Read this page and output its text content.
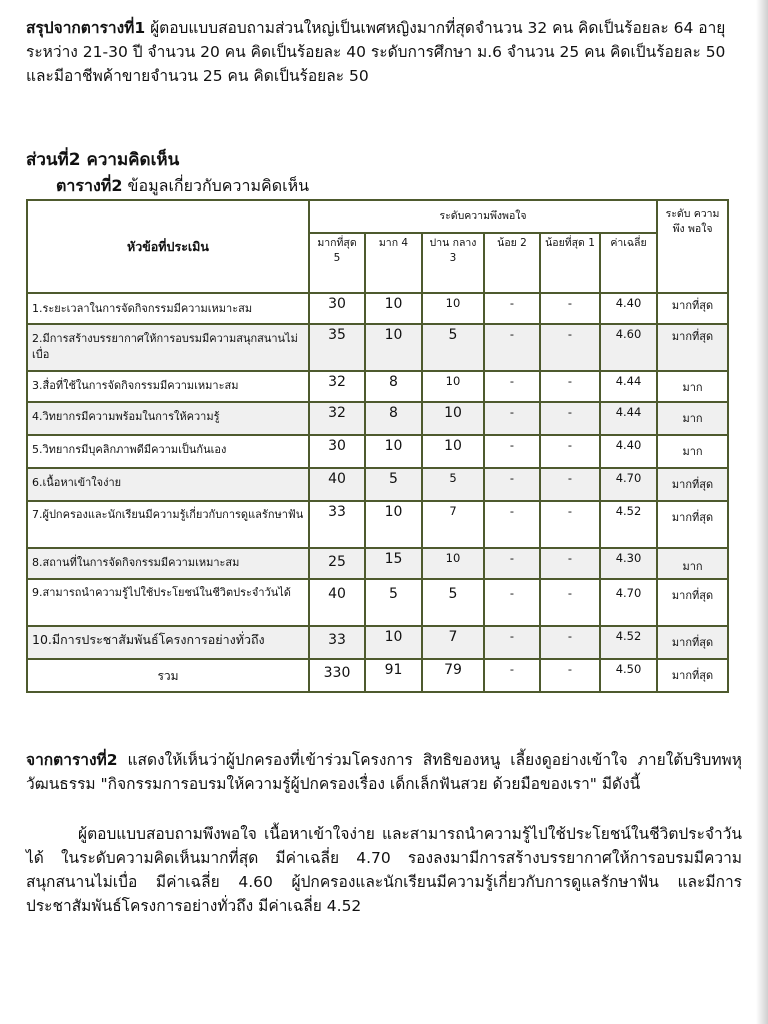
สรุปจากตารางที่1 ผู้ตอบแบบสอบถามส่วนใหญ่เป็นเพศหญิงมากที่สุดจำนวน 32 คน คิดเป็นร้อยละ 64 อายุระหว่าง 21-30 ปี จำนวน 20 คน คิดเป็นร้อยละ 40 ระดับการศึกษา ม.6 จำนวน 25 คน คิดเป็นร้อยละ 50 และมีอาชีพค้าขายจำนวน 25 คน คิดเป็นร้อยละ 50
ส่วนที่2 ความคิดเห็น
ตารางที่2 ข้อมูลเกี่ยวกับความคิดเห็น
หัวข้อที่ประเมิน	ระดับความพึงพอใจ						ระดับ ความพึง พอใจ
	มากที่สุด 5	มาก 4	ปาน กลาง 3	น้อย 2	น้อยที่สุด 1	ค่าเฉลี่ย	
1.ระยะเวลาในการจัดกิจกรรมมีความเหมาะสม	30	10	10	-	-	4.40	มากที่สุด
2.มีการสร้างบรรยากาศให้การอบรมมีความสนุกสนานไม่เบื่อ	35	10	5	-	-	4.60	มากที่สุด
3.สื่อที่ใช้ในการจัดกิจกรรมมีความเหมาะสม	32	8	10	-	-	4.44	มาก
4.วิทยากรมีความพร้อมในการให้ความรู้	32	8	10	-	-	4.44	มาก
5.วิทยากรมีบุคลิกภาพดีมีความเป็นกันเอง	30	10	10	-	-	4.40	มาก
6.เนื้อหาเข้าใจง่าย	40	5	5	-	-	4.70	มากที่สุด
7.ผู้ปกครองและนักเรียนมีความรู้เกี่ยวกับการดูแลรักษาฟัน	33	10	7	-	-	4.52	มากที่สุด
8.สถานที่ในการจัดกิจกรรมมีความเหมาะสม	25	15	10	-	-	4.30	มาก
9.สามารถนำความรู้ไปใช้ประโยชน์ในชีวิตประจำวันได้	40	5	5	-	-	4.70	มากที่สุด
10.มีการประชาสัมพันธ์โครงการอย่างทั่วถึง	33	10	7	-	-	4.52	มากที่สุด
รวม	330	91	79	-	-	4.50	มากที่สุด
จากตารางที่2 แสดงให้เห็นว่าผู้ปกครองที่เข้าร่วมโครงการ สิทธิของหนู เลี้ยงดูอย่างเข้าใจ ภายใต้บริบทพหุวัฒนธรรม "กิจกรรมการอบรมให้ความรู้ผู้ปกครองเรื่อง เด็กเล็กฟันสวย ด้วยมือของเรา" มีดังนี้
ผู้ตอบแบบสอบถามพึงพอใจ เนื้อหาเข้าใจง่าย และสามารถนำความรู้ไปใช้ประโยชน์ในชีวิตประจำวันได้ ในระดับความคิดเห็นมากที่สุด มีค่าเฉลี่ย 4.70 รองลงมามีการสร้างบรรยากาศให้การอบรมมีความสนุกสนานไม่เบื่อ มีค่าเฉลี่ย 4.60 ผู้ปกครองและนักเรียนมีความรู้เกี่ยวกับการดูแลรักษาฟัน และมีการประชาสัมพันธ์โครงการอย่างทั่วถึง มีค่าเฉลี่ย 4.52
